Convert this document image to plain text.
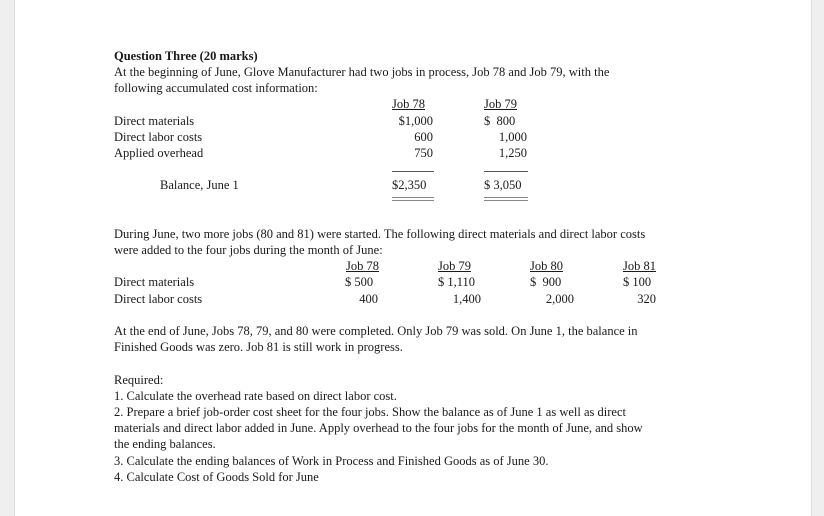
Question Three (20 marks)
At the beginning of June, Glove Manufacturer had two jobs in process, Job 78 and Job 79, with the
following accumulated cost information:
Job 78	Job 79
Direct materials	$1,000	$  800
Direct labor costs	600	1,000
Applied overhead	750	1,250
Balance, June 1	$2,350	$ 3,050
During June, two more jobs (80 and 81) were started. The following direct materials and direct labor costs
were added to the four jobs during the month of June:
Job 78	Job 79	Job 80	Job 81
Direct materials	$ 500	$ 1,110	$  900	$ 100
Direct labor costs	400	1,400	2,000	320
At the end of June, Jobs 78, 79, and 80 were completed. Only Job 79 was sold. On June 1, the balance in
Finished Goods was zero. Job 81 is still work in progress.
Required:
1. Calculate the overhead rate based on direct labor cost.
2. Prepare a brief job-order cost sheet for the four jobs. Show the balance as of June 1 as well as direct
materials and direct labor added in June. Apply overhead to the four jobs for the month of June, and show
the ending balances.
3. Calculate the ending balances of Work in Process and Finished Goods as of June 30.
4. Calculate Cost of Goods Sold for June
